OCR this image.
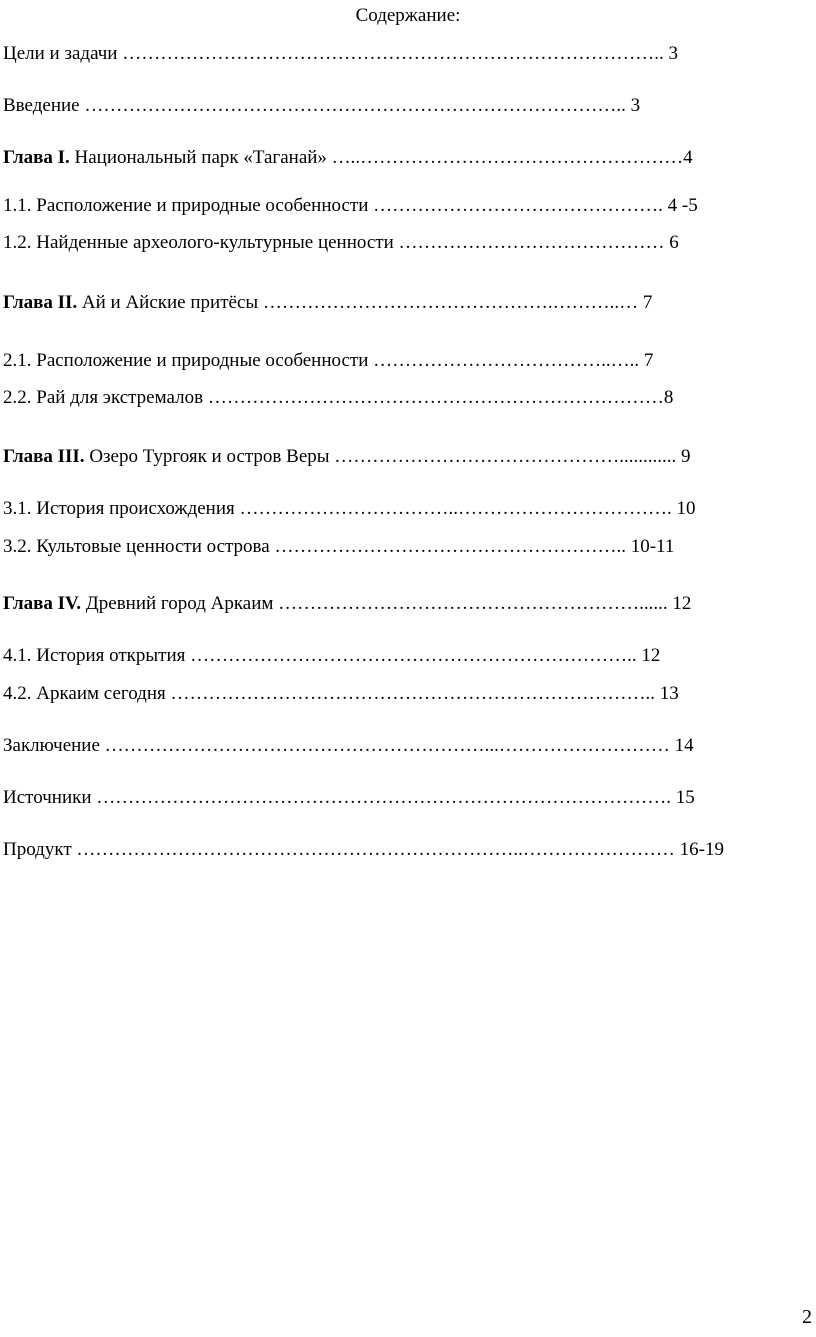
Содержание:
Цели и задачи ………………………………………………………………………….. 3
Введение ………………………………………………………………………….. 3
Глава I. Национальный парк «Таганай» …..……………………………………………4
1.1. Расположение и природные особенности ………………………………………. 4 -5
1.2. Найденные археолого-культурные ценности …………………………………… 6
Глава II. Ай и Айские притёсы ……………………………………….………..… 7
2.1. Расположение и природные особенности ………………………………..….. 7
2.2. Рай для экстремалов ………………………………………………………………8
Глава III. Озеро Тургояк и остров Веры ………………………………………............ 9
3.1. История происхождения ……………………………..……………………………. 10
3.2. Культовые ценности острова ……………………………………………….. 10-11
Глава IV. Древний город Аркаим …………………………………………………...... 12
4.1. История открытия …………………………………………………………….. 12
4.2. Аркаим сегодня ………………………………………………………………….. 13
Заключение ……………………………………………………...……………………… 14
Источники ………………………………………………………………………………. 15
Продукт ……………………………………………………………..…………………… 16-19
2
